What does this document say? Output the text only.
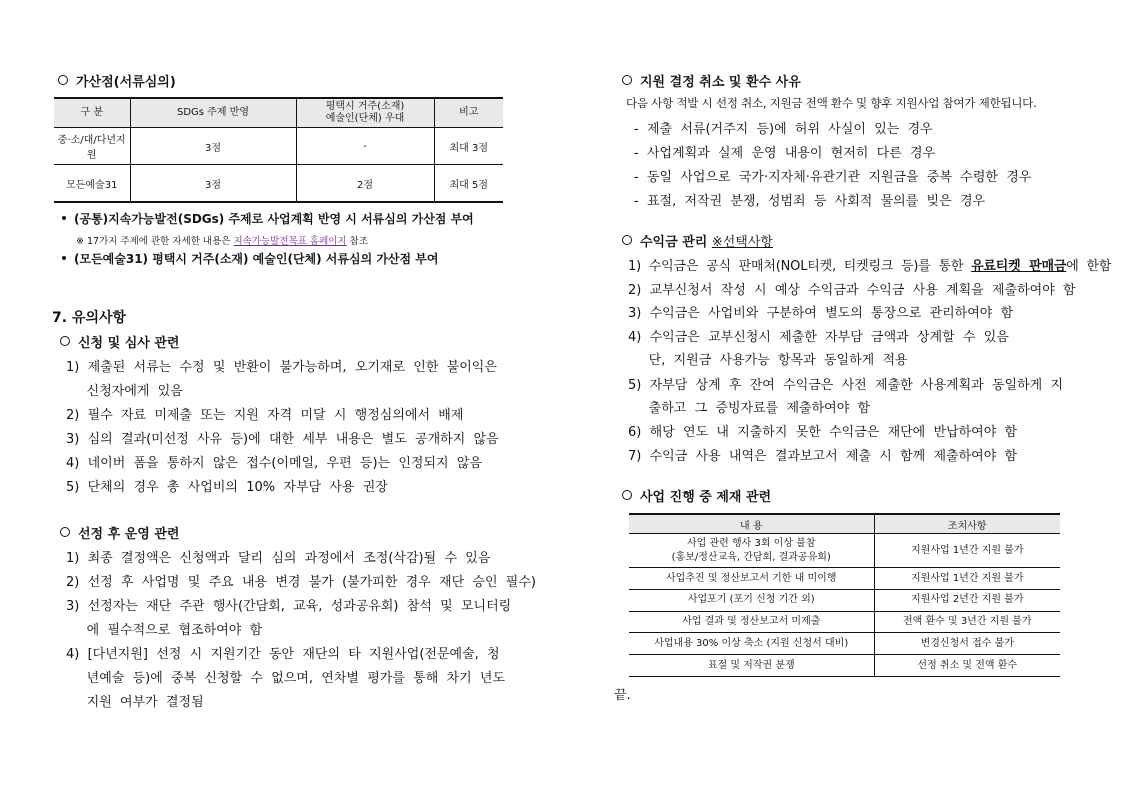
가산점(서류심의)
구 분	SDGs 주제 반영	평택시 거주(소재)
예술인(단체) 우대	비고
중·소/대/다년지원	3점	-	최대 3점
모든예술31	3점	2점	최대 5점
(공통)지속가능발전(SDGs) 주제로 사업계획 반영 시 서류심의 가산점 부여
※ 17가지 주제에 관한 자세한 내용은 지속가능발전목표 홈페이지 참조
(모든예술31) 평택시 거주(소재) 예술인(단체) 서류심의 가산점 부여
7. 유의사항
신청 및 심사 관련
1)  제출된  서류는  수정  및  반환이  불가능하며,  오기재로  인한  불이익은
신청자에게  있음
2)  필수  자료  미제출  또는  지원  자격  미달  시  행정심의에서  배제
3)  심의  결과(미선정  사유  등)에  대한  세부  내용은  별도  공개하지  않음
4)  네이버  폼을  통하지  않은  접수(이메일,  우편  등)는  인정되지  않음
5)  단체의  경우  총  사업비의  10%  자부담  사용  권장
선정 후 운영 관련
1)  최종  결정액은  신청액과  달리  심의  과정에서  조정(삭감)될  수  있음
2)  선정  후  사업명  및  주요  내용  변경  불가  (불가피한  경우  재단  승인  필수)
3)  선정자는  재단  주관  행사(간담회,  교육,  성과공유회)  참석  및  모니터링
에  필수적으로  협조하여야  함
4)  [다년지원]  선정  시  지원기간  동안  재단의  타  지원사업(전문예술,  청
년예술  등)에  중복  신청할  수  없으며,  연차별  평가를  통해  차기  년도
지원  여부가  결정됨
지원 결정 취소 및 환수 사유
다음 사항 적발 시 선정 취소, 지원금 전액 환수 및 향후 지원사업 참여가 제한됩니다.
-  제출  서류(거주지  등)에  허위  사실이  있는  경우
-  사업계획과  실제  운영  내용이  현저히  다른  경우
-  동일  사업으로  국가·지자체·유관기관  지원금을  중복  수령한  경우
-  표절,  저작권  분쟁,  성범죄  등  사회적  물의를  빚은  경우
수익금 관리 ※선택사항
1)  수익금은  공식  판매처(NOL티켓,  티켓링크  등)를  통한  유료티켓  판매금에  한함
2)  교부신청서  작성  시  예상  수익금과  수익금  사용  계획을  제출하여야  함
3)  수익금은  사업비와  구분하여  별도의  통장으로  관리하여야  함
4)  수익금은  교부신청시  제출한  자부담  금액과  상계할  수  있음
단,  지원금  사용가능  항목과  동일하게  적용
5)  자부담  상계  후  잔여  수익금은  사전  제출한  사용계획과  동일하게  지
출하고  그  증빙자료를  제출하여야  함
6)  해당  연도  내  지출하지  못한  수익금은  재단에  반납하여야  함
7)  수익금  사용  내역은  결과보고서  제출  시  함께  제출하여야  함
사업 진행 중 제재 관련
내 용	조치사항
사업 관련 행사 3회 이상 불참
(홍보/정산교육, 간담회, 결과공유회)	지원사업 1년간 지원 불가
사업추진 및 정산보고서 기한 내 미이행	지원사업 1년간 지원 불가
사업포기 (포기 신청 기간 외)	지원사업 2년간 지원 불가
사업 결과 및 정산보고서 미제출	전액 환수 및 3년간 지원 불가
사업내용 30% 이상 축소 (지원 신청서 대비)	변경신청서 접수 불가
표절 및 저작권 분쟁	선정 취소 및 전액 환수
끝.
